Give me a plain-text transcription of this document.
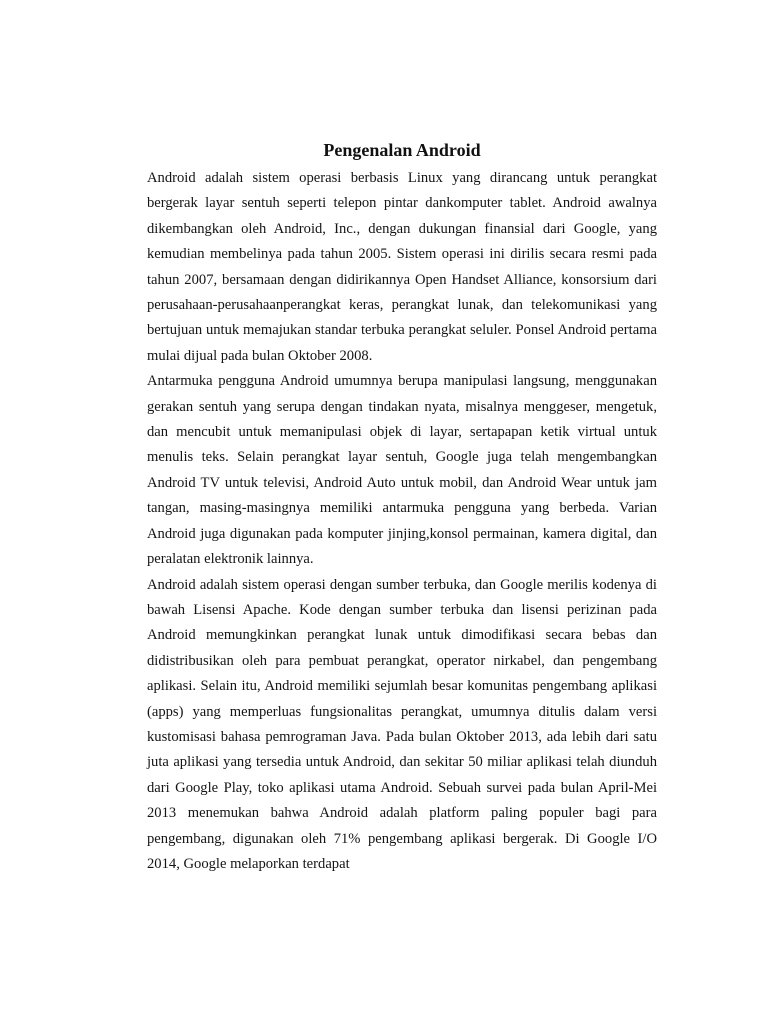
Pengenalan Android

Android adalah sistem operasi berbasis Linux yang dirancang untuk perangkat bergerak layar sentuh seperti telepon pintar dankomputer tablet. Android awalnya dikembangkan oleh Android, Inc., dengan dukungan finansial dari Google, yang kemudian membelinya pada tahun 2005. Sistem operasi ini dirilis secara resmi pada tahun 2007, bersamaan dengan didirikannya Open Handset Alliance, konsorsium dari perusahaan-perusahaanperangkat keras, perangkat lunak, dan telekomunikasi yang bertujuan untuk memajukan standar terbuka perangkat seluler. Ponsel Android pertama mulai dijual pada bulan Oktober 2008.

Antarmuka pengguna Android umumnya berupa manipulasi langsung, menggunakan gerakan sentuh yang serupa dengan tindakan nyata, misalnya menggeser, mengetuk, dan mencubit untuk memanipulasi objek di layar, sertapapan ketik virtual untuk menulis teks. Selain perangkat layar sentuh, Google juga telah mengembangkan Android TV untuk televisi, Android Auto untuk mobil, dan Android Wear untuk jam tangan, masing-masingnya memiliki antarmuka pengguna yang berbeda. Varian Android juga digunakan pada komputer jinjing,konsol permainan, kamera digital, dan peralatan elektronik lainnya.

Android adalah sistem operasi dengan sumber terbuka, dan Google merilis kodenya di bawah Lisensi Apache. Kode dengan sumber terbuka dan lisensi perizinan pada Android memungkinkan perangkat lunak untuk dimodifikasi secara bebas dan didistribusikan oleh para pembuat perangkat, operator nirkabel, dan pengembang aplikasi. Selain itu, Android memiliki sejumlah besar komunitas pengembang aplikasi (apps) yang memperluas fungsionalitas perangkat, umumnya ditulis dalam versi kustomisasi bahasa pemrograman Java. Pada bulan Oktober 2013, ada lebih dari satu juta aplikasi yang tersedia untuk Android, dan sekitar 50 miliar aplikasi telah diunduh dari Google Play, toko aplikasi utama Android. Sebuah survei pada bulan April-Mei 2013 menemukan bahwa Android adalah platform paling populer bagi para pengembang, digunakan oleh 71% pengembang aplikasi bergerak. Di Google I/O 2014, Google melaporkan terdapat
